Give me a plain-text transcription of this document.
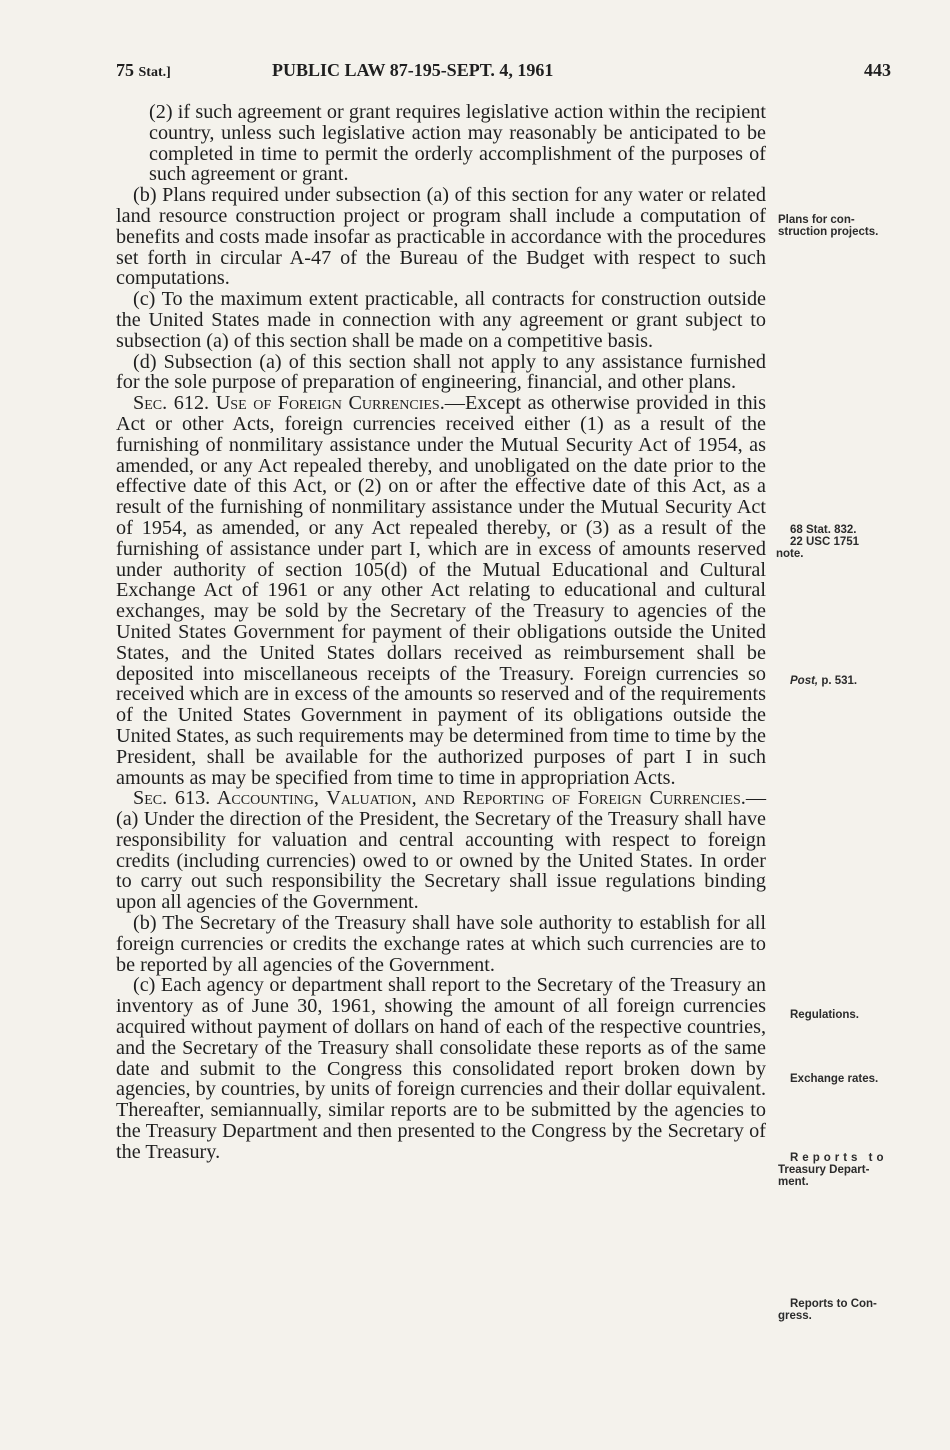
75 Stat.]	PUBLIC LAW 87-195-SEPT. 4, 1961	443

(2) if such agreement or grant requires legislative action within the recipient country, unless such legislative action may reasonably be anticipated to be completed in time to permit the orderly accomplishment of the purposes of such agreement or grant.

(b) Plans required under subsection (a) of this section for any water or related land resource construction project or program shall include a computation of benefits and costs made insofar as practicable in accordance with the procedures set forth in circular A-47 of the Bureau of the Budget with respect to such computations.

(c) To the maximum extent practicable, all contracts for construction outside the United States made in connection with any agreement or grant subject to subsection (a) of this section shall be made on a competitive basis.

(d) Subsection (a) of this section shall not apply to any assistance furnished for the sole purpose of preparation of engineering, financial, and other plans.

Sec. 612. Use of Foreign Currencies.—Except as otherwise provided in this Act or other Acts, foreign currencies received either (1) as a result of the furnishing of nonmilitary assistance under the Mutual Security Act of 1954, as amended, or any Act repealed thereby, and unobligated on the date prior to the effective date of this Act, or (2) on or after the effective date of this Act, as a result of the furnishing of nonmilitary assistance under the Mutual Security Act of 1954, as amended, or any Act repealed thereby, or (3) as a result of the furnishing of assistance under part I, which are in excess of amounts reserved under authority of section 105(d) of the Mutual Educational and Cultural Exchange Act of 1961 or any other Act relating to educational and cultural exchanges, may be sold by the Secretary of the Treasury to agencies of the United States Government for payment of their obligations outside the United States, and the United States dollars received as reimbursement shall be deposited into miscellaneous receipts of the Treasury. Foreign currencies so received which are in excess of the amounts so reserved and of the requirements of the United States Government in payment of its obligations outside the United States, as such requirements may be determined from time to time by the President, shall be available for the authorized purposes of part I in such amounts as may be specified from time to time in appropriation Acts.

Sec. 613. Accounting, Valuation, and Reporting of Foreign Currencies.—(a) Under the direction of the President, the Secretary of the Treasury shall have responsibility for valuation and central accounting with respect to foreign credits (including currencies) owed to or owned by the United States. In order to carry out such responsibility the Secretary shall issue regulations binding upon all agencies of the Government.

(b) The Secretary of the Treasury shall have sole authority to establish for all foreign currencies or credits the exchange rates at which such currencies are to be reported by all agencies of the Government.

(c) Each agency or department shall report to the Secretary of the Treasury an inventory as of June 30, 1961, showing the amount of all foreign currencies acquired without payment of dollars on hand of each of the respective countries, and the Secretary of the Treasury shall consolidate these reports as of the same date and submit to the Congress this consolidated report broken down by agencies, by countries, by units of foreign currencies and their dollar equivalent. Thereafter, semiannually, similar reports are to be submitted by the agencies to the Treasury Department and then presented to the Congress by the Secretary of the Treasury.

Plans for con-
struction projects.
68 Stat. 832.
22 USC 1751
note.
Post, p. 531.
Regulations.
Exchange rates.
Reports to
Treasury Depart-
ment.
Reports to Con-
gress.
